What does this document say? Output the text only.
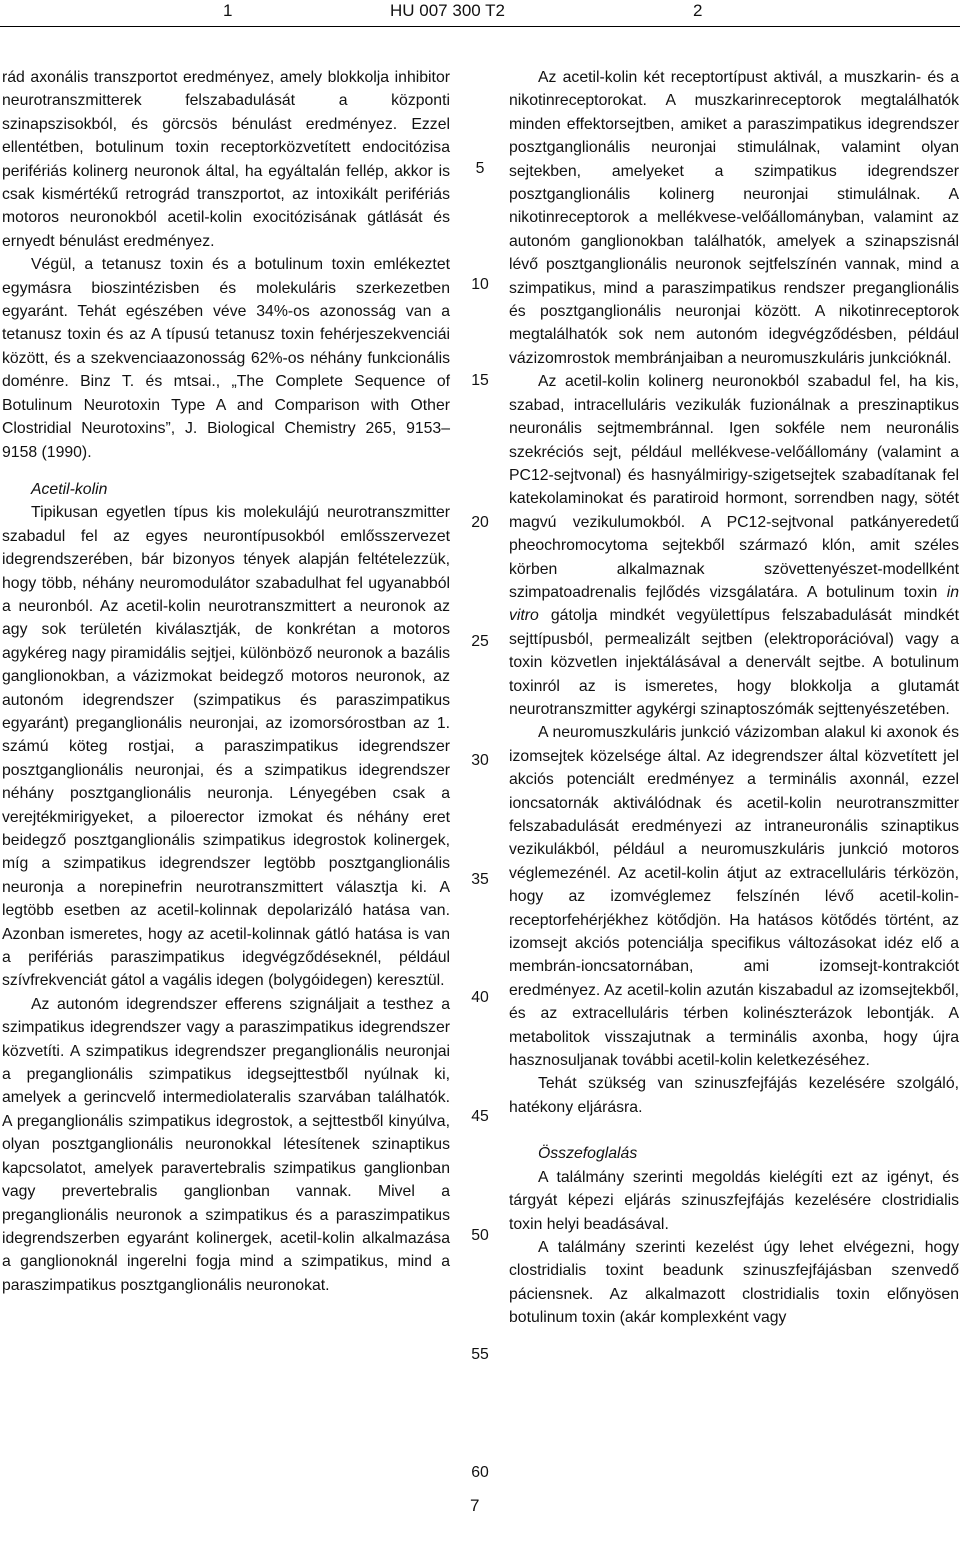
1	HU 007 300 T2	2

rád axonális transzportot eredményez, amely blokkolja inhibitor neurotranszmitterek felszabadulását a központi szinapszisokból, és görcsös bénulást eredményez. Ezzel ellentétben, botulinum toxin receptorközvetített endocitózisa perifériás kolinerg neuronok által, ha egyáltalán fellép, akkor is csak kismértékű retrográd transzportot, az intoxikált perifériás motoros neuronokból acetil-kolin exocitózisának gátlását és ernyedt bénulást eredményez.

Végül, a tetanusz toxin és a botulinum toxin emlékeztet egymásra bioszintézisben és molekuláris szerkezetben egyaránt. Tehát egészében véve 34%-os azonosság van a tetanusz toxin és az A típusú tetanusz toxin fehérjeszekvenciái között, és a szekvenciaazonosság 62%-os néhány funkcionális doménre. Binz T. és mtsai., „The Complete Sequence of Botulinum Neurotoxin Type A and Comparison with Other Clostridial Neurotoxins”, J. Biological Chemistry 265, 9153–9158 (1990).

Acetil-kolin

Tipikusan egyetlen típus kis molekulájú neurotranszmitter szabadul fel az egyes neurontípusokból emlősszervezet idegrendszerében, bár bizonyos tények alapján feltételezzük, hogy több, néhány neuromodulátor szabadulhat fel ugyanabból a neuronból. Az acetil-kolin neurotranszmittert a neuronok az agy sok területén kiválasztják, de konkrétan a motoros agykéreg nagy piramidális sejtjei, különböző neuronok a bazális ganglionokban, a vázizmokat beidegző motoros neuronok, az autonóm idegrendszer (szimpatikus és paraszimpatikus egyaránt) preganglionális neuronjai, az izomorsórostban az 1. számú köteg rostjai, a paraszimpatikus idegrendszer posztganglionális neuronjai, és a szimpatikus idegrendszer néhány posztganglionális neuronja. Lényegében csak a verejtékmirigyeket, a piloerector izmokat és néhány eret beidegző posztganglionális szimpatikus idegrostok kolinergek, míg a szimpatikus idegrendszer legtöbb posztganglionális neuronja a norepinefrin neurotranszmittert választja ki. A legtöbb esetben az acetil-kolinnak depolarizáló hatása van. Azonban ismeretes, hogy az acetil-kolinnak gátló hatása is van a perifériás paraszimpatikus idegvégződéseknél, például szívfrekvenciát gátol a vagális idegen (bolygóidegen) keresztül.

Az autonóm idegrendszer efferens szignáljait a testhez a szimpatikus idegrendszer vagy a paraszimpatikus idegrendszer közvetíti. A szimpatikus idegrendszer preganglionális neuronjai a preganglionális szimpatikus idegsejttestből nyúlnak ki, amelyek a gerincvelő intermediolateralis szarvában találhatók. A preganglionális szimpatikus idegrostok, a sejttestből kinyúlva, olyan posztganglionális neuronokkal létesítenek szinaptikus kapcsolatot, amelyek paravertebralis szimpatikus ganglionban vagy prevertebralis ganglionban vannak. Mivel a preganglionális neuronok a szimpatikus és a paraszimpatikus idegrendszerben egyaránt kolinergek, acetil-kolin alkalmazása a ganglionoknál ingerelni fogja mind a szimpatikus, mind a paraszimpatikus posztganglionális neuronokat.

5
10
15
20
25
30
35
40
45
50
55
60

Az acetil-kolin két receptortípust aktivál, a muszkarin- és a nikotinreceptorokat. A muszkarinreceptorok megtalálhatók minden effektorsejtben, amiket a paraszimpatikus idegrendszer posztganglionális neuronjai stimulálnak, valamint olyan sejtekben, amelyeket a szimpatikus idegrendszer posztganglionális kolinerg neuronjai stimulálnak. A nikotinreceptorok a mellékvese-velőállományban, valamint az autonóm ganglionokban találhatók, amelyek a szinapszisnál lévő posztganglionális neuronok sejtfelszínén vannak, mind a szimpatikus, mind a paraszimpatikus rendszer preganglionális és posztganglionális neuronjai között. A nikotinreceptorok megtalálhatók sok nem autonóm idegvégződésben, például vázizomrostok membránjaiban a neuromuszkuláris junkcióknál.

Az acetil-kolin kolinerg neuronokból szabadul fel, ha kis, szabad, intracelluláris vezikulák fuzionálnak a preszinaptikus neuronális sejtmembránnal. Igen sokféle nem neuronális szekréciós sejt, például mellékvese-velőállomány (valamint a PC12-sejtvonal) és hasnyálmirigy-szigetsejtek szabadítanak fel katekolaminokat és paratiroid hormont, sorrendben nagy, sötét magvú vezikulumokból. A PC12-sejtvonal patkányeredetű pheochromocytoma sejtekből származó klón, amit széles körben alkalmaznak szövettenyészet-modellként szimpatoadrenalis fejlődés vizsgálatára. A botulinum toxin in vitro gátolja mindkét vegyülettípus felszabadulását mindkét sejttípusból, permealizált sejtben (elektroporációval) vagy a toxin közvetlen injektálásával a denervált sejtbe. A botulinum toxinról az is ismeretes, hogy blokkolja a glutamát neurotranszmitter agykérgi szinaptoszómák sejttenyészetében.

A neuromuszkuláris junkció vázizomban alakul ki axonok és izomsejtek közelsége által. Az idegrendszer által közvetített jel akciós potenciált eredményez a terminális axonnál, ezzel ioncsatornák aktiválódnak és acetil-kolin neurotranszmitter felszabadulását eredményezi az intraneuronális szinaptikus vezikulákból, például a neuromuszkuláris junkció motoros véglemezénél. Az acetil-kolin átjut az extracelluláris térközön, hogy az izomvéglemez felszínén lévő acetil-kolin-receptorfehérjékhez kötődjön. Ha hatásos kötődés történt, az izomsejt akciós potenciálja specifikus változásokat idéz elő a membrán-ioncsatornában, ami izomsejt-kontrakciót eredményez. Az acetil-kolin azután kiszabadul az izomsejtekből, és az extracelluláris térben kolinészterázok lebontják. A metabolitok visszajutnak a terminális axonba, hogy újra hasznosuljanak további acetil-kolin keletkezéséhez.

Tehát szükség van szinuszfejfájás kezelésére szolgáló, hatékony eljárásra.

Összefoglalás

A találmány szerinti megoldás kielégíti ezt az igényt, és tárgyát képezi eljárás szinuszfejfájás kezelésére clostridialis toxin helyi beadásával.

A találmány szerinti kezelést úgy lehet elvégezni, hogy clostridialis toxint beadunk szinuszfejfájásban szenvedő páciensnek. Az alkalmazott clostridialis toxin előnyösen botulinum toxin (akár komplexként vagy

7
